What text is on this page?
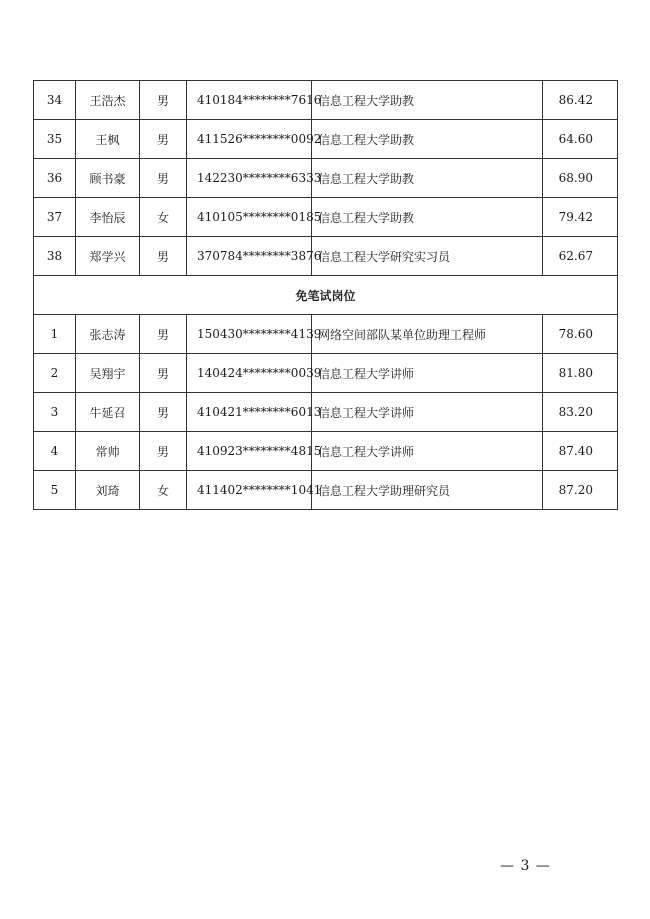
34	王浩杰	男	410184********7616	信息工程大学助教	86.42
35	王枫	男	411526********0092	信息工程大学助教	64.60
36	顾书豪	男	142230********6333	信息工程大学助教	68.90
37	李怡辰	女	410105********0185	信息工程大学助教	79.42
38	郑学兴	男	370784********3876	信息工程大学研究实习员	62.67
免笔试岗位					
1	张志涛	男	150430********4139	网络空间部队某单位助理工程师	78.60
2	吴翔宇	男	140424********0039	信息工程大学讲师	81.80
3	牛延召	男	410421********6013	信息工程大学讲师	83.20
4	常帅	男	410923********4815	信息工程大学讲师	87.40
5	刘琦	女	411402********1041	信息工程大学助理研究员	87.20
— 3 —
